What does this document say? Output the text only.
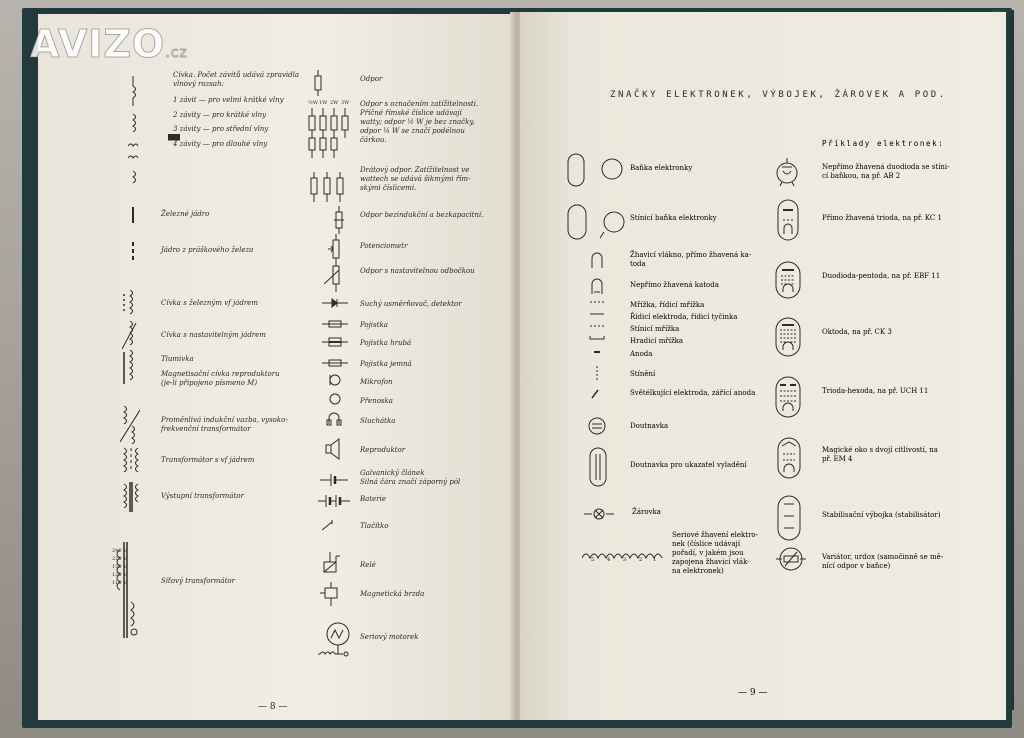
Cívka. Počet závitů udává zpravidla
vlnový rozsah:
1 závit — pro velmi krátké vlny
2 závity — pro krátké vlny
3 závity — pro střední vlny
4 závity — pro dlouhé vlny
Železné jádro
Jádro z práškového železa
Cívka s železným vf jádrem
Cívka s nastavitelným jádrem
Tlumivka
Magnetisační cívka reproduktoru
(je-li připojeno písmeno M)
Proměnlivá indukční vazba, vysoko-
frekvenční transformátor
Transformátor s vf jádrem
Výstupní transformátor
Síťový transformátor
240 V
220 V
150 V
120 V
110 V
Odpor
Odpor s označením zatížitelnosti.
Příčné římské číslice udávají
watty; odpor ½ W je bez značky,
odpor ¼ W se značí podélnou
čárkou.
Drátový odpor. Zatížitelnost ve
wattech se udává šikmými řím-
skými číslicemi.
Odpor bezindukční a bezkapacitní.
Potenciometr
Odpor s nastavitelnou odbočkou
Suchý usměrňovač, detektor
Pojistka
Pojistka hrubá
Pojistka jemná
Mikrofon
Přenoska
Sluchátka
Reproduktor
Galvanický článek
Silná čára značí záporný pól
Baterie
Tlačítko
Relé
Magnetická brzda
Seriový motorek
½W 1W 2W 3W
— 8 —
ZNAČKY ELEKTRONEK, VÝBOJEK, ŽÁROVEK A POD.
Příklady elektronek:
Baňka elektronky
Stínicí baňka elektronky
Žhavicí vlákno, přímo žhavená ka-
toda
Nepřímo žhavená katoda
Mřížka, řídicí mřížka
Řídicí elektroda, řídicí tyčinka
Stínicí mřížka
Hradicí mřížka
Anoda
Stínění
Světélkující elektroda, zářící anoda
Doutnavka
Doutnavka pro ukazatel vyladění
Žárovka
Seriové žhavení elektro-
nek (číslice udávají
pořadí, v jakém jsou
zapojena žhavicí vlák-
na elektronek)
5	4	3	2 1
Nepřímo žhavená duodioda se stíni-
cí baňkou, na př. AB 2
Přímo žhavená trioda, na př. KC 1
Duodioda-pentoda, na př. EBF 11
Oktoda, na př. CK 3
Trioda-hexoda, na př. UCH 11
Magické oko s dvojí citlivostí, na
př. EM 4
Stabilisační výbojka (stabilisátor)
Variátor, urdox (samočinně se mě-
nící odpor v baňce)
— 9 —
AVIZO.cz
